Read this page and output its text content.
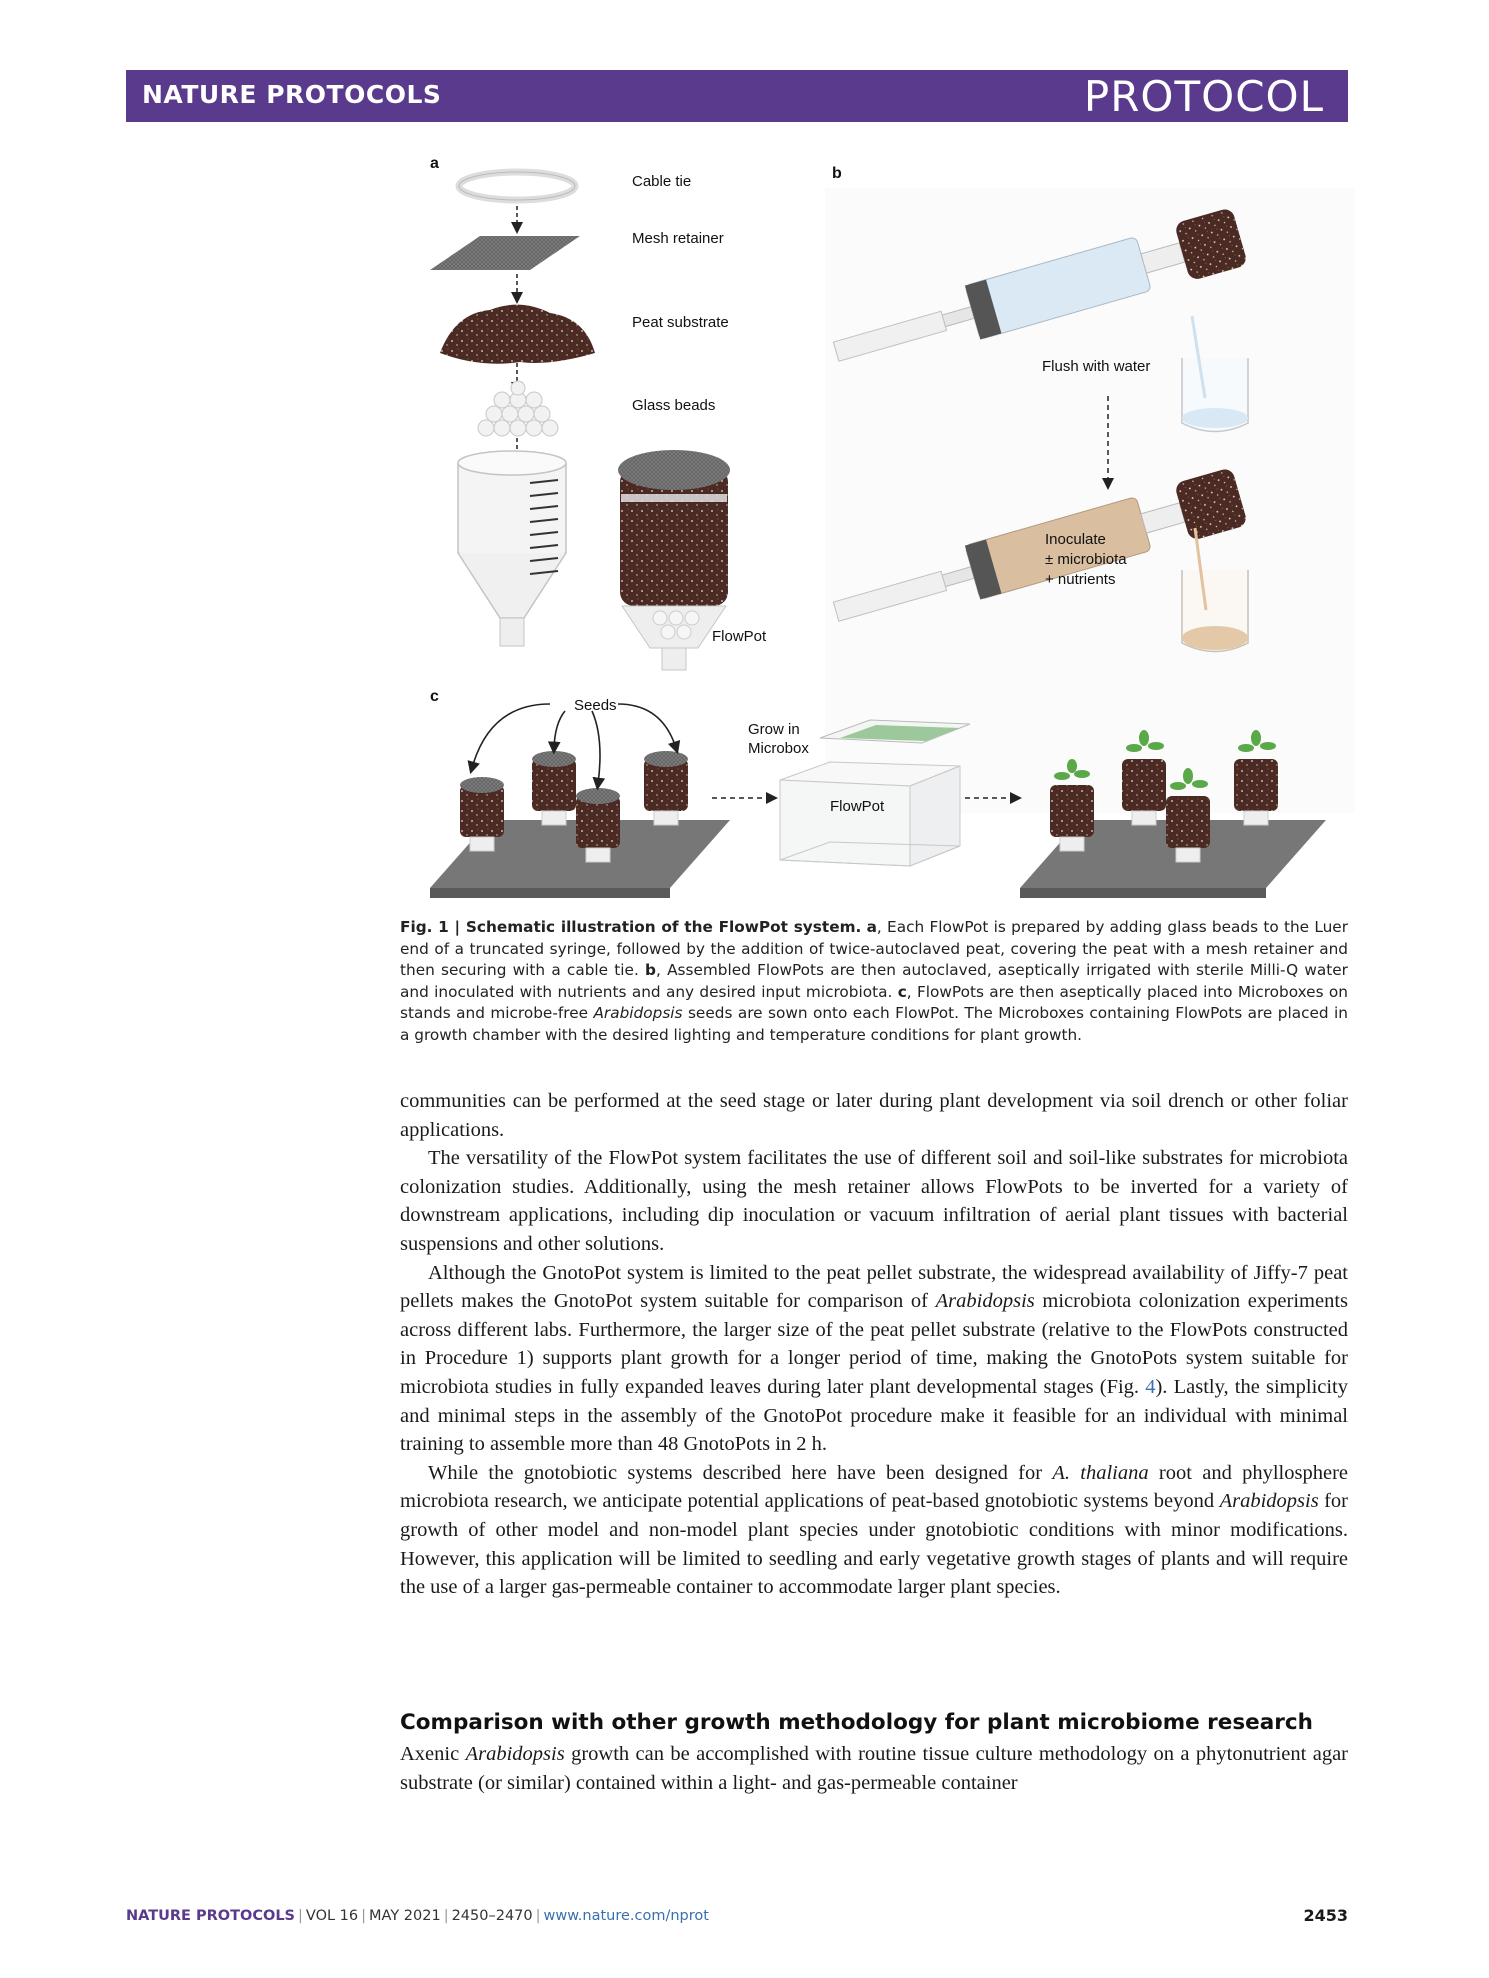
NATURE PROTOCOLS	PROTOCOL
a
Cable tie
Mesh retainer
Peat substrate
Glass beads
FlowPot
b
Flush with water
Inoculate
± microbiota
+ nutrients
c
Seeds
Grow in
Microbox
FlowPot
Fig. 1 | Schematic illustration of the FlowPot system. a, Each FlowPot is prepared by adding glass beads to the Luer end of a truncated syringe, followed by the addition of twice-autoclaved peat, covering the peat with a mesh retainer and then securing with a cable tie. b, Assembled FlowPots are then autoclaved, aseptically irrigated with sterile Milli-Q water and inoculated with nutrients and any desired input microbiota. c, FlowPots are then aseptically placed into Microboxes on stands and microbe-free Arabidopsis seeds are sown onto each FlowPot. The Microboxes containing FlowPots are placed in a growth chamber with the desired lighting and temperature conditions for plant growth.

communities can be performed at the seed stage or later during plant development via soil drench or other foliar applications.

The versatility of the FlowPot system facilitates the use of different soil and soil-like substrates for microbiota colonization studies. Additionally, using the mesh retainer allows FlowPots to be inverted for a variety of downstream applications, including dip inoculation or vacuum infiltration of aerial plant tissues with bacterial suspensions and other solutions.

Although the GnotoPot system is limited to the peat pellet substrate, the widespread availability of Jiffy-7 peat pellets makes the GnotoPot system suitable for comparison of Arabidopsis microbiota colonization experiments across different labs. Furthermore, the larger size of the peat pellet substrate (relative to the FlowPots constructed in Procedure 1) supports plant growth for a longer period of time, making the GnotoPots system suitable for microbiota studies in fully expanded leaves during later plant developmental stages (Fig. 4). Lastly, the simplicity and minimal steps in the assembly of the GnotoPot procedure make it feasible for an individual with minimal training to assemble more than 48 GnotoPots in 2 h.

While the gnotobiotic systems described here have been designed for A. thaliana root and phyllosphere microbiota research, we anticipate potential applications of peat-based gnotobiotic systems beyond Arabidopsis for growth of other model and non-model plant species under gnotobiotic conditions with minor modifications. However, this application will be limited to seedling and early vegetative growth stages of plants and will require the use of a larger gas-permeable container to accommodate larger plant species.

Comparison with other growth methodology for plant microbiome research

Axenic Arabidopsis growth can be accomplished with routine tissue culture methodology on a phytonutrient agar substrate (or similar) contained within a light- and gas-permeable container

NATURE PROTOCOLS | VOL 16 | MAY 2021 | 2450–2470 | www.nature.com/nprot	2453
